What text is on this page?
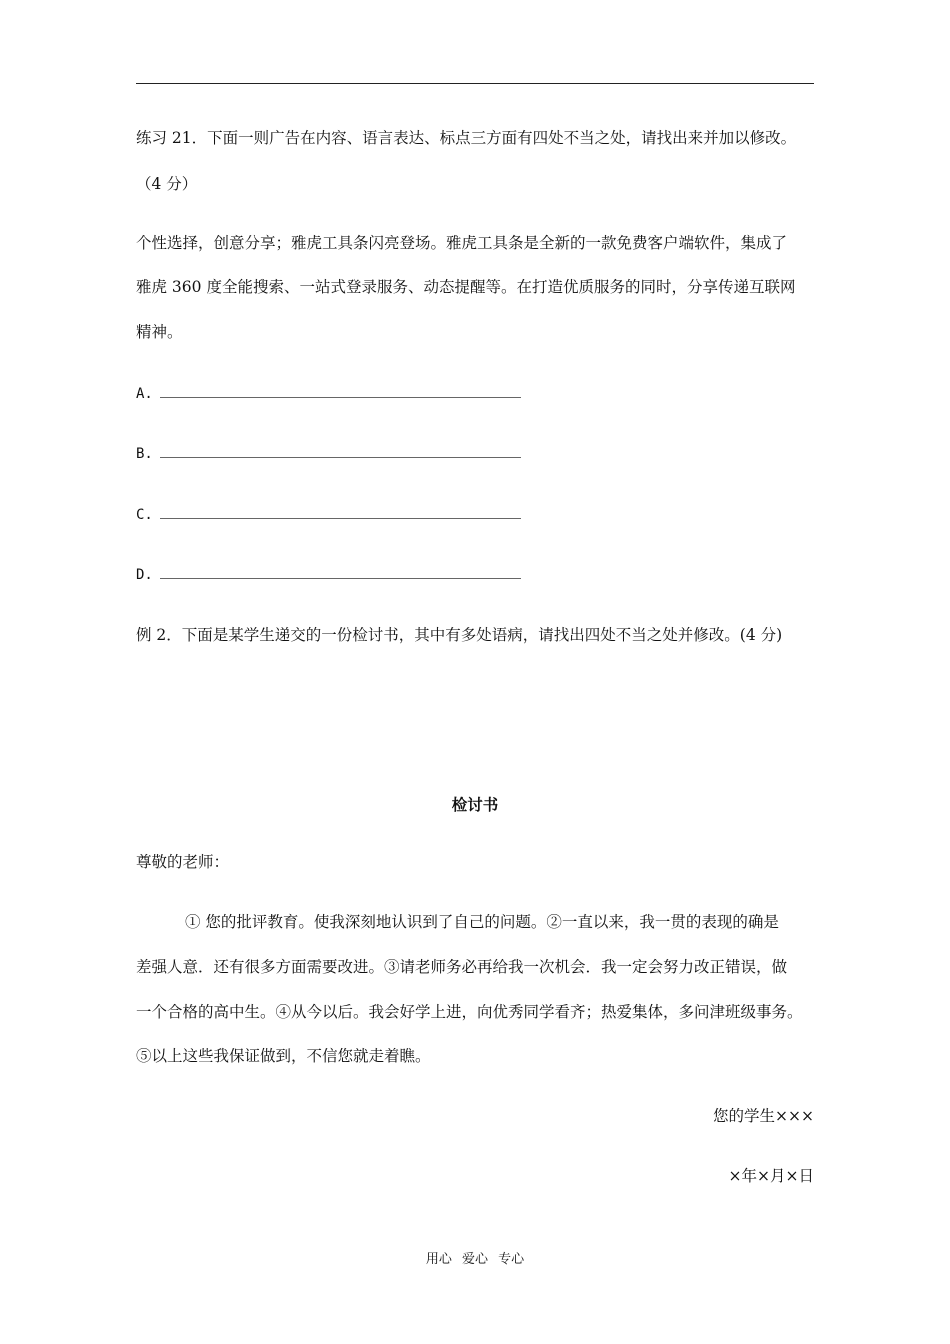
练习 21．下面一则广告在内容、语言表达、标点三方面有四处不当之处，请找出来并加以修改。
（4 分）
个性选择，创意分享；雅虎工具条闪亮登场。雅虎工具条是全新的一款免费客户端软件，集成了
雅虎 360 度全能搜索、一站式登录服务、动态提醒等。在打造优质服务的同时，分享传递互联网
精神。
A.
B.
C.
D.
例 2．下面是某学生递交的一份检讨书，其中有多处语病，请找出四处不当之处并修改。(4 分)
检讨书
尊敬的老师：
① 您的批评教育。使我深刻地认识到了自己的问题。②一直以来，我一贯的表现的确是
差强人意．还有很多方面需要改进。③请老师务必再给我一次机会．我一定会努力改正错误，做
一个合格的高中生。④从今以后。我会好学上进，向优秀同学看齐；热爱集体，多问津班级事务。
⑤以上这些我保证做到，不信您就走着瞧。
您的学生×××
×年×月×日
用心 爱心 专心
